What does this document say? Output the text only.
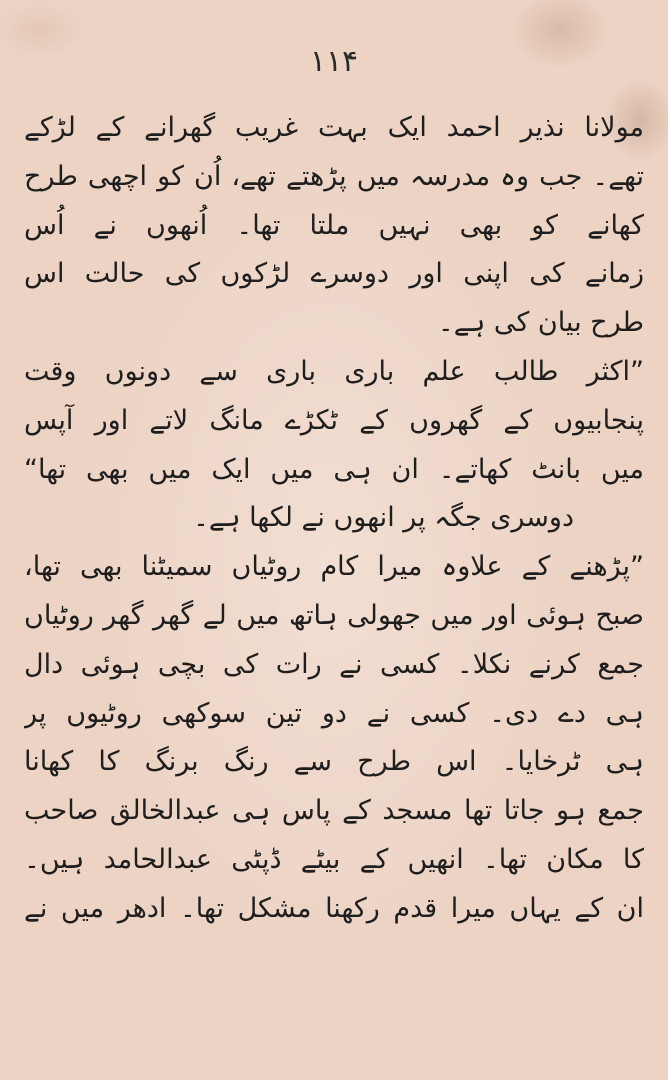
۱۱۴
مولانا نذیر احمد ایک بہت غریب گھرانے کے لڑکے
تھے۔ جب وہ مدرسہ میں پڑھتے تھے، اُن کو اچھی طرح
کھانے کو بھی نہیں ملتا تھا۔ اُنھوں نے اُس
زمانے کی اپنی اور دوسرے لڑکوں کی حالت اس
طرح بیان کی ہے۔
”اکثر طالب علم باری باری سے دونوں وقت
پنجابیوں کے گھروں کے ٹکڑے مانگ لاتے اور آپس
میں بانٹ کھاتے۔ ان ہی میں ایک میں بھی تھا“
دوسری جگہ پر انھوں نے لکھا ہے۔
”پڑھنے کے علاوہ میرا کام روٹیاں سمیٹنا بھی تھا،
صبح ہوئی اور میں جھولی ہاتھ میں لے گھر گھر روٹیاں
جمع کرنے نکلا۔ کسی نے رات کی بچی ہوئی دال
ہی دے دی۔ کسی نے دو تین سوکھی روٹیوں پر
ہی ٹرخایا۔ اس طرح سے رنگ برنگ کا کھانا
جمع ہو جاتا تھا مسجد کے پاس ہی عبدالخالق صاحب
کا مکان تھا۔ انھیں کے بیٹے ڈپٹی عبدالحامد ہیں۔
ان کے یہاں میرا قدم رکھنا مشکل تھا۔ ادھر میں نے
